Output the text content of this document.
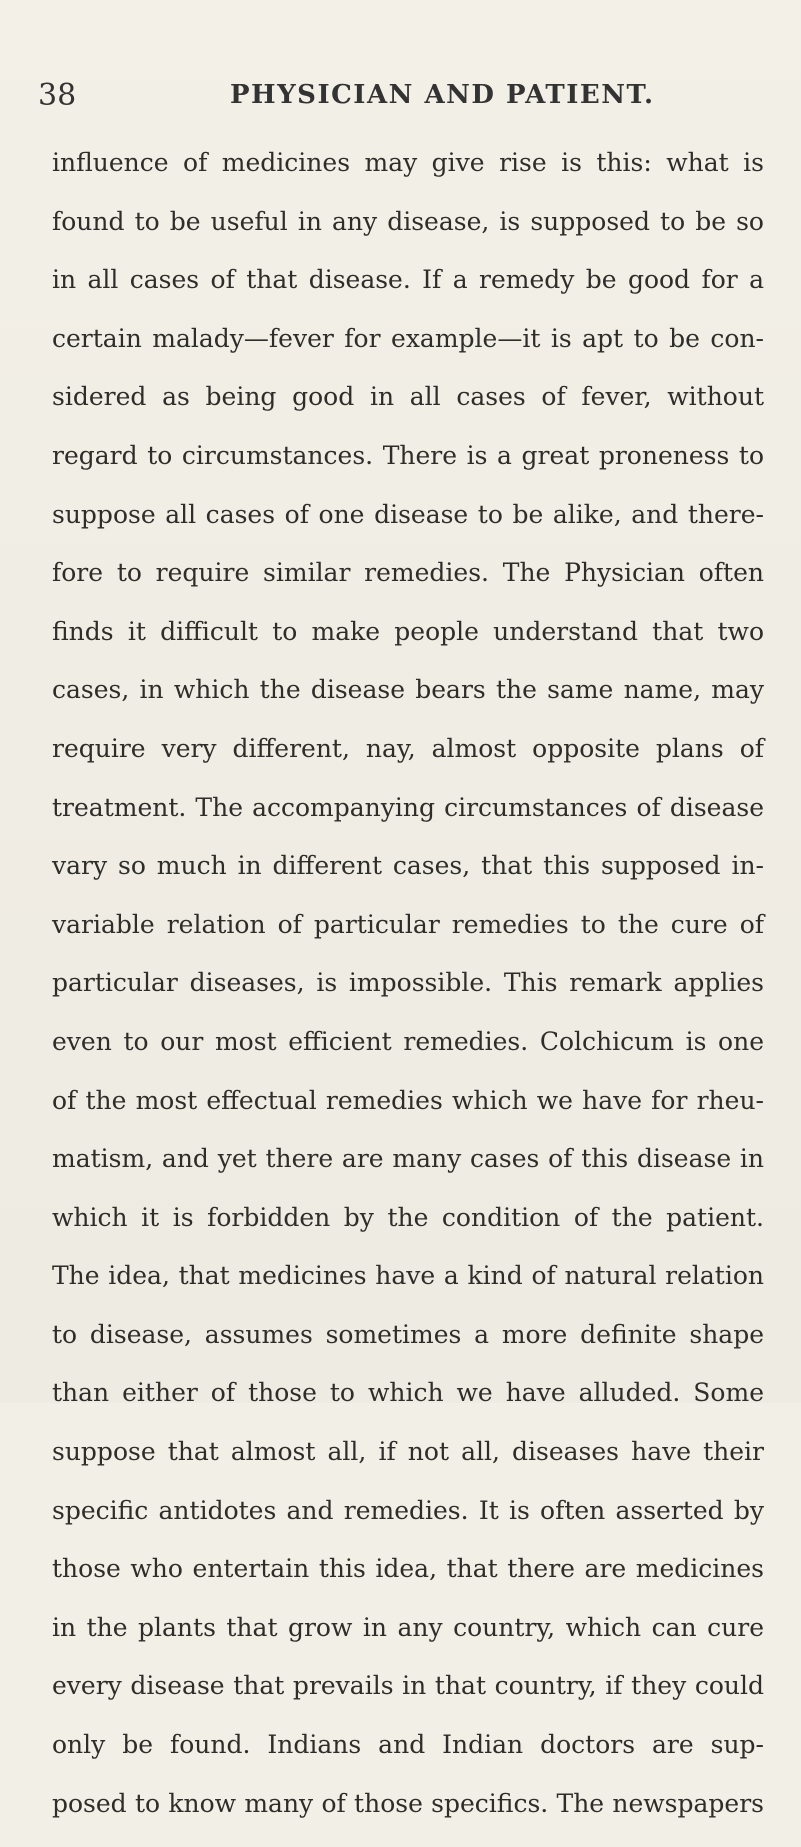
38	PHYSICIAN AND PATIENT.
influence of medicines may give rise is this: what is
found to be useful in any disease, is supposed to be so
in all cases of that disease. If a remedy be good for a
certain malady—fever for example—it is apt to be con-
sidered as being good in all cases of fever, without
regard to circumstances. There is a great proneness to
suppose all cases of one disease to be alike, and there-
fore to require similar remedies. The Physician often
finds it difficult to make people understand that two
cases, in which the disease bears the same name, may
require very different, nay, almost opposite plans of
treatment. The accompanying circumstances of disease
vary so much in different cases, that this supposed in-
variable relation of particular remedies to the cure of
particular diseases, is impossible. This remark applies
even to our most efficient remedies. Colchicum is one
of the most effectual remedies which we have for rheu-
matism, and yet there are many cases of this disease in
which it is forbidden by the condition of the patient.
The idea, that medicines have a kind of natural relation
to disease, assumes sometimes a more definite shape
than either of those to which we have alluded. Some
suppose that almost all, if not all, diseases have their
specific antidotes and remedies. It is often asserted by
those who entertain this idea, that there are medicines
in the plants that grow in any country, which can cure
every disease that prevails in that country, if they could
only be found. Indians and Indian doctors are sup-
posed to know many of those specifics. The newspapers
